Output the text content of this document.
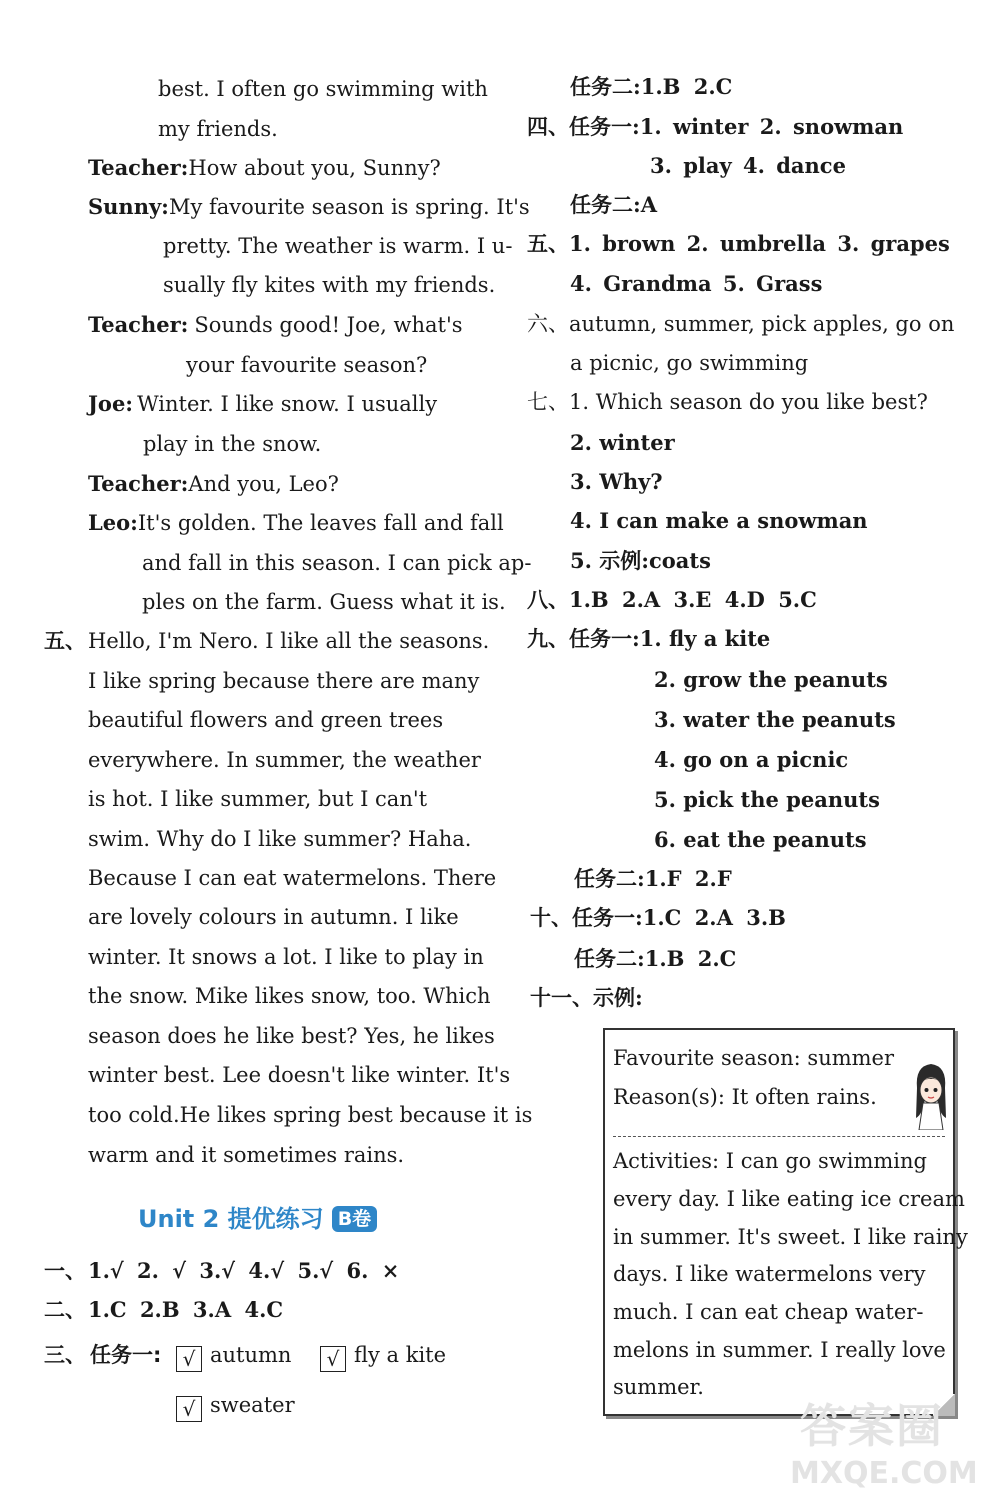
best. I often go swimming with
my friends.
Teacher:How about you, Sunny?
Sunny:My favourite season is spring. It's
pretty. The weather is warm. I u-
sually fly kites with my friends.
Teacher: Sounds good! Joe, what's
your favourite season?
Joe: Winter. I like snow. I usually
play in the snow.
Teacher:And you, Leo?
Leo:It's golden. The leaves fall and fall
and fall in this season. I can pick ap-
ples on the farm. Guess what it is.
五、 Hello, I'm Nero. I like all the seasons.
I like spring because there are many
beautiful flowers and green trees
everywhere. In summer, the weather
is hot. I like summer, but I can't
swim. Why do I like summer? Haha.
Because I can eat watermelons. There
are lovely colours in autumn. I like
winter. It snows a lot. I like to play in
the snow. Mike likes snow, too. Which
season does he like best? Yes, he likes
winter best. Lee doesn't like winter. It's
too cold.He likes spring best because it is
warm and it sometimes rains.
Unit 2 提优练习 B卷
一、 1.√ 2. √ 3.√ 4.√ 5.√ 6. ×
二、 1.C 2.B 3.A 4.C
三、 任务一:	√ autumn	√ fly a kite
√ sweater
任务二:1.B 2.C
四、任务一:1. winter 2. snowman
3. play 4. dance
任务二:A
五、1. brown 2. umbrella 3. grapes
4. Grandma 5. Grass
六、autumn, summer, pick apples, go on
a picnic, go swimming
七、1. Which season do you like best?
2. winter
3. Why?
4. I can make a snowman
5. 示例:coats
八、1.B 2.A 3.E 4.D 5.C
九、任务一:1. fly a kite
2. grow the peanuts
3. water the peanuts
4. go on a picnic
5. pick the peanuts
6. eat the peanuts
任务二:1.F 2.F
十、任务一:1.C 2.A 3.B
任务二:1.B 2.C
十一、示例:
Favourite season: summer
Reason(s): It often rains.
Activities: I can go swimming
every day. I like eating ice cream
in summer. It's sweet. I like rainy
days. I like watermelons very
much. I can eat cheap water-
melons in summer. I really love
summer.
答案圈
MXQE.COM
